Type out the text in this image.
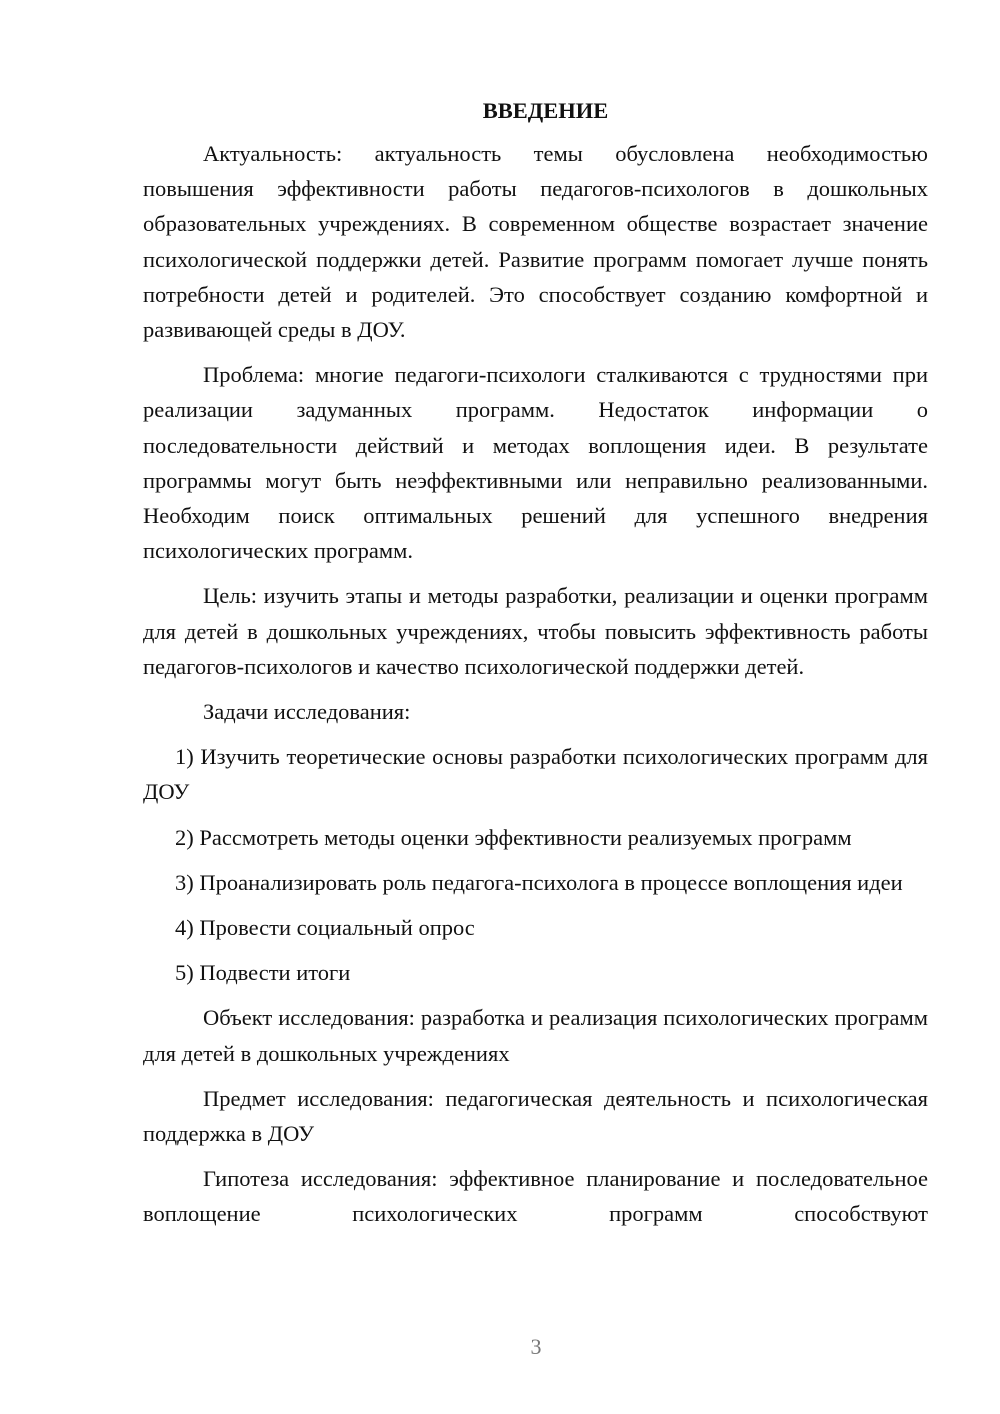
ВВЕДЕНИЕ

Актуальность: актуальность темы обусловлена необходимостью повышения эффективности работы педагогов-психологов в дошкольных образовательных учреждениях. В современном обществе возрастает значение психологической поддержки детей. Развитие программ помогает лучше понять потребности детей и родителей. Это способствует созданию комфортной и развивающей среды в ДОУ.

Проблема: многие педагоги-психологи сталкиваются с трудностями при реализации задуманных программ. Недостаток информации о последовательности действий и методах воплощения идеи. В результате программы могут быть неэффективными или неправильно реализованными. Необходим поиск оптимальных решений для успешного внедрения психологических программ.

Цель: изучить этапы и методы разработки, реализации и оценки программ для детей в дошкольных учреждениях, чтобы повысить эффективность работы педагогов-психологов и качество психологической поддержки детей.

Задачи исследования:

1) Изучить теоретические основы разработки психологических программ для ДОУ

2) Рассмотреть методы оценки эффективности реализуемых программ

3) Проанализировать роль педагога-психолога в процессе воплощения идеи

4) Провести социальный опрос

5) Подвести итоги

Объект исследования: разработка и реализация психологических программ для детей в дошкольных учреждениях

Предмет исследования: педагогическая деятельность и психологическая поддержка в ДОУ

Гипотеза исследования: эффективное планирование и последовательное воплощение психологических программ способствуют

3
